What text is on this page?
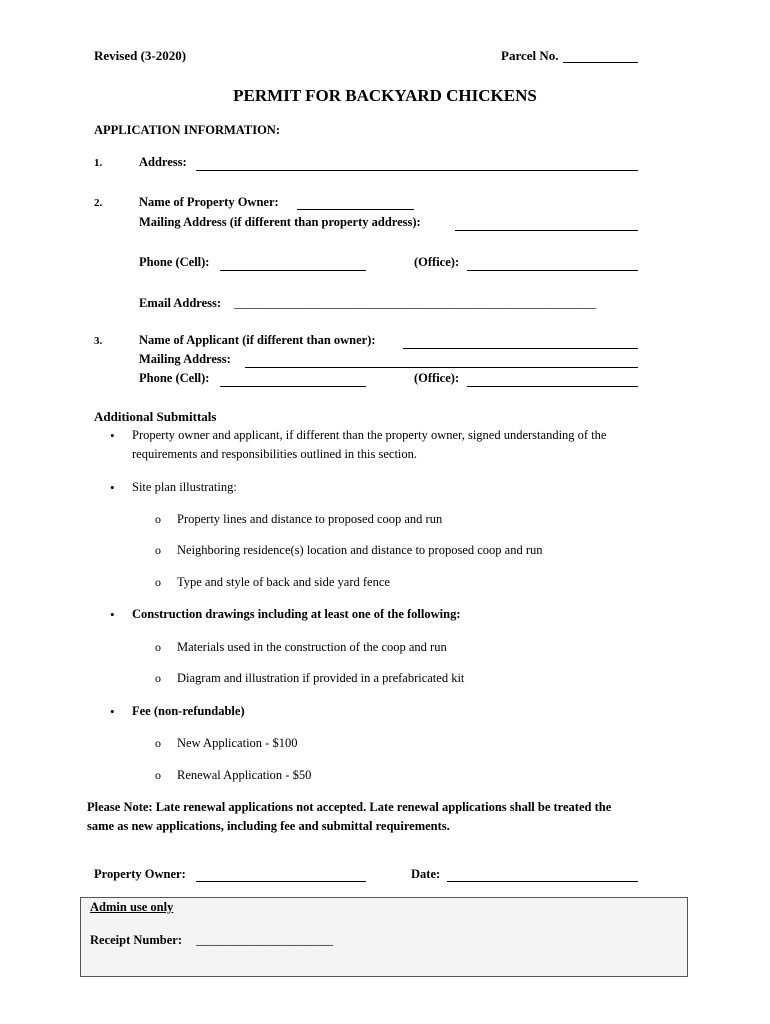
Revised (3-2020)	Parcel No.
PERMIT FOR BACKYARD CHICKENS
APPLICATION INFORMATION:
1.	Address:
2.	Name of Property Owner:
Mailing Address (if different than property address):
Phone (Cell):	(Office):
Email Address: ________________________________________________________________
3.	Name of Applicant (if different than owner):
Mailing Address:
Phone (Cell):	(Office):
Additional Submittals
• Property owner and applicant, if different than the property owner, signed understanding of the
requirements and responsibilities outlined in this section.
• Site plan illustrating:
o Property lines and distance to proposed coop and run
o Neighboring residence(s) location and distance to proposed coop and run
o Type and style of back and side yard fence
• Construction drawings including at least one of the following:
o Materials used in the construction of the coop and run
o Diagram and illustration if provided in a prefabricated kit
• Fee (non-refundable)
o New Application - $100
o Renewal Application - $50
Please Note: Late renewal applications not accepted. Late renewal applications shall be treated the
same as new applications, including fee and submittal requirements.
Property Owner:	Date:
Admin use only
Receipt Number: _________________________
